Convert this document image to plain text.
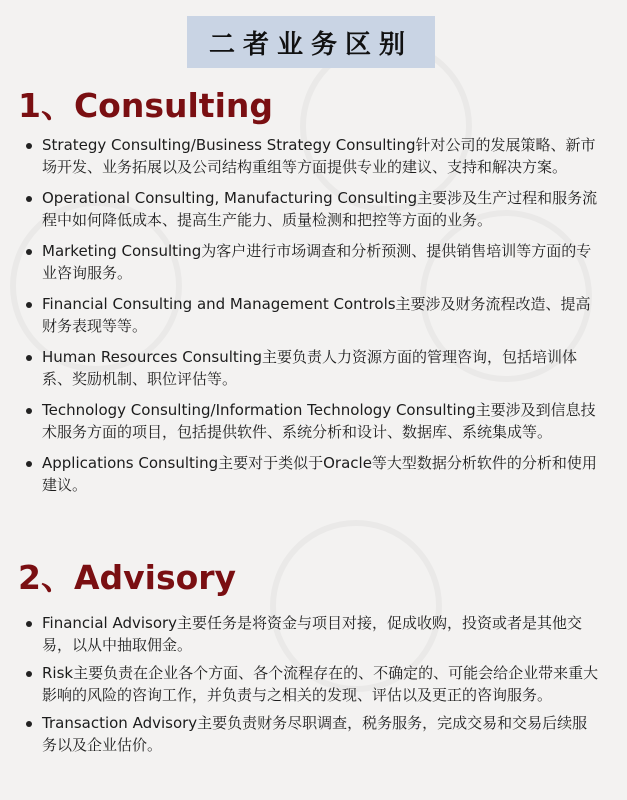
二者业务区别
1、Consulting
Strategy Consulting/Business Strategy Consulting针对公司的发展策略、新市场开发、业务拓展以及公司结构重组等方面提供专业的建议、支持和解决方案。
Operational Consulting, Manufacturing Consulting主要涉及生产过程和服务流程中如何降低成本、提高生产能力、质量检测和把控等方面的业务。
Marketing Consulting为客户进行市场调查和分析预测、提供销售培训等方面的专业咨询服务。
Financial Consulting and Management Controls主要涉及财务流程改造、提高财务表现等等。
Human Resources Consulting主要负责人力资源方面的管理咨询，包括培训体系、奖励机制、职位评估等。
Technology Consulting/Information Technology Consulting主要涉及到信息技术服务方面的项目，包括提供软件、系统分析和设计、数据库、系统集成等。
Applications Consulting主要对于类似于Oracle等大型数据分析软件的分析和使用建议。
2、Advisory
Financial Advisory主要任务是将资金与项目对接，促成收购，投资或者是其他交易，以从中抽取佣金。
Risk主要负责在企业各个方面、各个流程存在的、不确定的、可能会给企业带来重大影响的风险的咨询工作，并负责与之相关的发现、评估以及更正的咨询服务。
Transaction Advisory主要负责财务尽职调查，税务服务，完成交易和交易后续服务以及企业估价。
